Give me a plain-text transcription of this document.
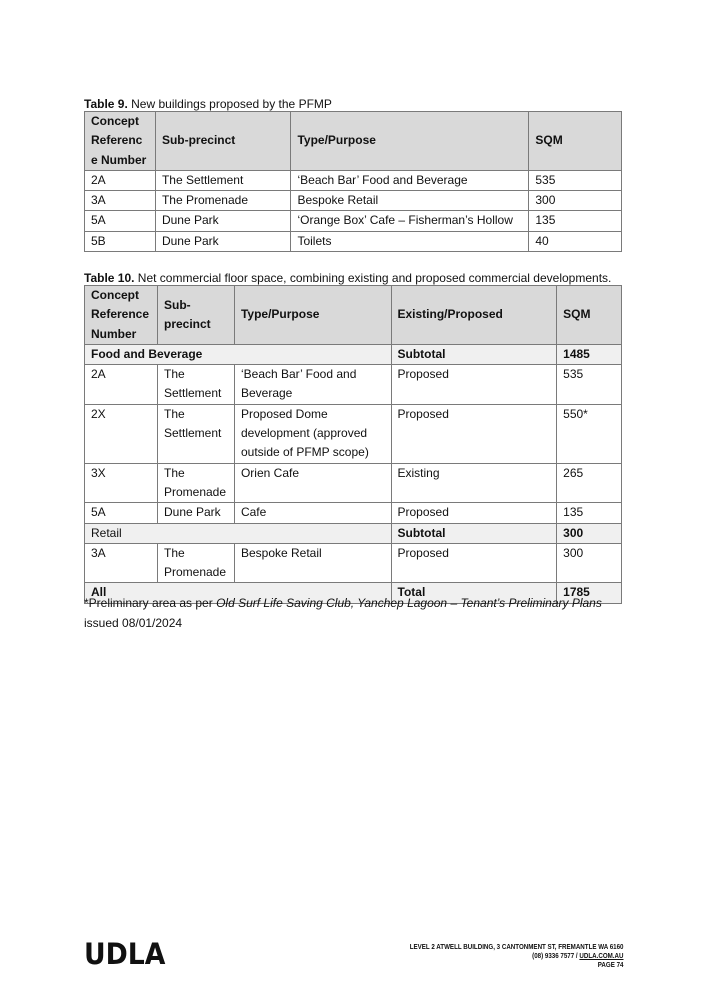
Table 9. New buildings proposed by the PFMP
Concept
Referenc
e Number	Sub-precinct	Type/Purpose	SQM
2A	The Settlement	‘Beach Bar’ Food and Beverage	535
3A	The Promenade	Bespoke Retail	300
5A	Dune Park	‘Orange Box’ Cafe – Fisherman’s Hollow	135
5B	Dune Park	Toilets	40
Table 10. Net commercial floor space, combining existing and proposed commercial developments.
Concept
Reference
Number	Sub-
precinct	Type/Purpose	Existing/Proposed	SQM
Food and Beverage			Subtotal	1485
2A	The Settlement	‘Beach Bar’ Food and Beverage	Proposed	535
2X	The Settlement	Proposed Dome development (approved outside of PFMP scope)	Proposed	550*
3X	The Promenade	Orien Cafe	Existing	265
5A	Dune Park	Cafe	Proposed	135
Retail			Subtotal	300
3A	The Promenade	Bespoke Retail	Proposed	300
All			Total	1785
*Preliminary area as per Old Surf Life Saving Club, Yanchep Lagoon – Tenant’s Preliminary Plans issued 08/01/2024
UDLA	LEVEL 2 ATWELL BUILDING, 3 CANTONMENT ST, FREMANTLE WA 6160
(08) 9336 7577 / UDLA.COM.AU
PAGE 74
